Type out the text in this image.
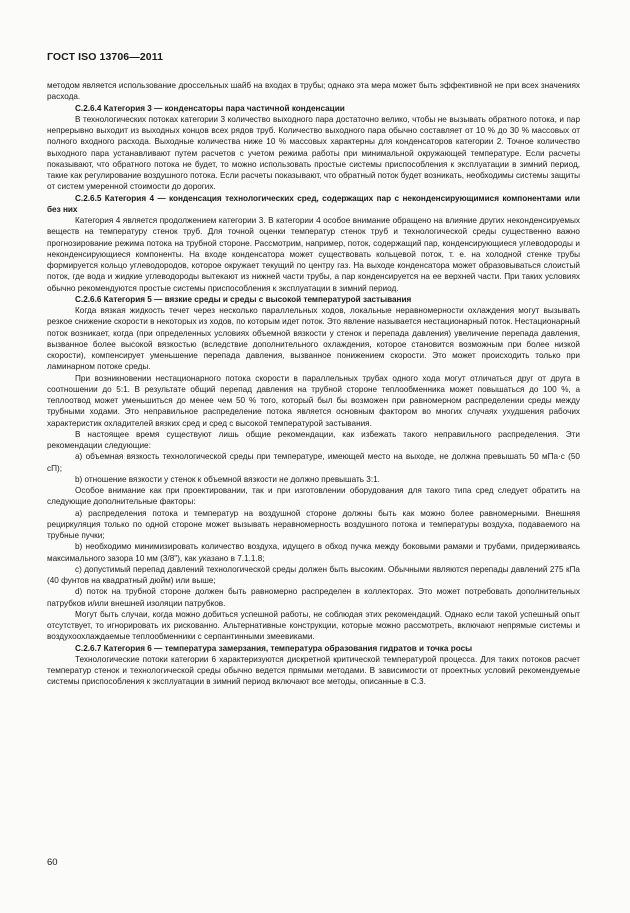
ГОСТ ISO 13706—2011

методом является использование дроссельных шайб на входах в трубы; однако эта мера может быть эффективной не при всех значениях расхода.

С.2.6.4 Категория 3 — конденсаторы пара частичной конденсации

В технологических потоках категории 3 количество выходного пара достаточно велико, чтобы не вызывать обратного потока, и пар непрерывно выходит из выходных концов всех рядов труб. Количество выходного пара обычно составляет от 10 % до 30 % массовых от полного входного расхода. Выходные количества ниже 10 % массовых характерны для конденсаторов категории 2. Точное количество выходного пара устанавливают путем расчетов с учетом режима работы при минимальной окружающей температуре. Если расчеты показывают, что обратного потока не будет, то можно использовать простые системы приспособления к эксплуатации в зимний период, такие как регулирование воздушного потока. Если расчеты показывают, что обратный поток будет возникать, необходимы системы защиты от систем умеренной стоимости до дорогих.

С.2.6.5 Категория 4 — конденсация технологических сред, содержащих пар с неконденсирующимися компонентами или без них

Категория 4 является продолжением категории 3. В категории 4 особое внимание обращено на влияние других неконденсируемых веществ на температуру стенок труб. Для точной оценки температур стенок труб и технологической среды существенно важно прогнозирование режима потока на трубной стороне. Рассмотрим, например, поток, содержащий пар, конденсирующиеся углеводороды и неконденсирующиеся компоненты. На входе конденсатора может существовать кольцевой поток, т. е. на холодной стенке трубы формируется кольцо углеводородов, которое окружает текущий по центру газ. На выходе конденсатора может образовываться слоистый поток, где вода и жидкие углеводороды вытекают из нижней части трубы, а пар конденсируется на ее верхней части. При таких условиях обычно рекомендуются простые системы приспособления к эксплуатации в зимний период.

С.2.6.6 Категория 5 — вязкие среды и среды с высокой температурой застывания

Когда вязкая жидкость течет через несколько параллельных ходов, локальные неравномерности охлаждения могут вызывать резкое снижение скорости в некоторых из ходов, по которым идет поток. Это явление называется нестационарный поток. Нестационарный поток возникает, когда (при определенных условиях объемной вязкости у стенок и перепада давления) увеличение перепада давления, вызванное более высокой вязкостью (вследствие дополнительного охлаждения, которое становится возможным при более низкой скорости), компенсирует уменьшение перепада давления, вызванное понижением скорости. Это может происходить только при ламинарном потоке среды.

При возникновении нестационарного потока скорости в параллельных трубах одного хода могут отличаться друг от друга в соотношении до 5:1. В результате общий перепад давления на трубной стороне теплообменника может повышаться до 100 %, а теплоотвод может уменьшиться до менее чем 50 % того, который был бы возможен при равномерном распределении среды между трубными ходами. Это неправильное распределение потока является основным фактором во многих случаях ухудшения рабочих характеристик охладителей вязких сред и сред с высокой температурой застывания.

В настоящее время существуют лишь общие рекомендации, как избежать такого неправильного распределения. Эти рекомендации следующие:

а) объемная вязкость технологической среды при температуре, имеющей место на выходе, не должна превышать 50 мПа·с (50 сП);

b) отношение вязкости у стенок к объемной вязкости не должно превышать 3:1.

Особое внимание как при проектировании, так и при изготовлении оборудования для такого типа сред следует обратить на следующие дополнительные факторы:

а) распределения потока и температур на воздушной стороне должны быть как можно более равномерными. Внешняя рециркуляция только по одной стороне может вызывать неравномерность воздушного потока и температуры воздуха, подаваемого на трубные пучки;

b) необходимо минимизировать количество воздуха, идущего в обход пучка между боковыми рамами и трубами, придерживаясь максимального зазора 10 мм (3/8"), как указано в 7.1.1.8;

c) допустимый перепад давлений технологической среды должен быть высоким. Обычными являются перепады давлений 275 кПа (40 фунтов на квадратный дюйм) или выше;

d) поток на трубной стороне должен быть равномерно распределен в коллекторах. Это может потребовать дополнительных патрубков и/или внешней изоляции патрубков.

Могут быть случаи, когда можно добиться успешной работы, не соблюдая этих рекомендаций. Однако если такой успешный опыт отсутствует, то игнорировать их рискованно. Альтернативные конструкции, которые можно рассмотреть, включают непрямые системы и воздухоохлаждаемые теплообменники с серпантинными змеевиками.

С.2.6.7 Категория 6 — температура замерзания, температура образования гидратов и точка росы

Технологические потоки категории 6 характеризуются дискретной критической температурой процесса. Для таких потоков расчет температур стенок и технологической среды обычно ведется прямыми методами. В зависимости от проектных условий рекомендуемые системы приспособления к эксплуатации в зимний период включают все методы, описанные в С.3.

60
